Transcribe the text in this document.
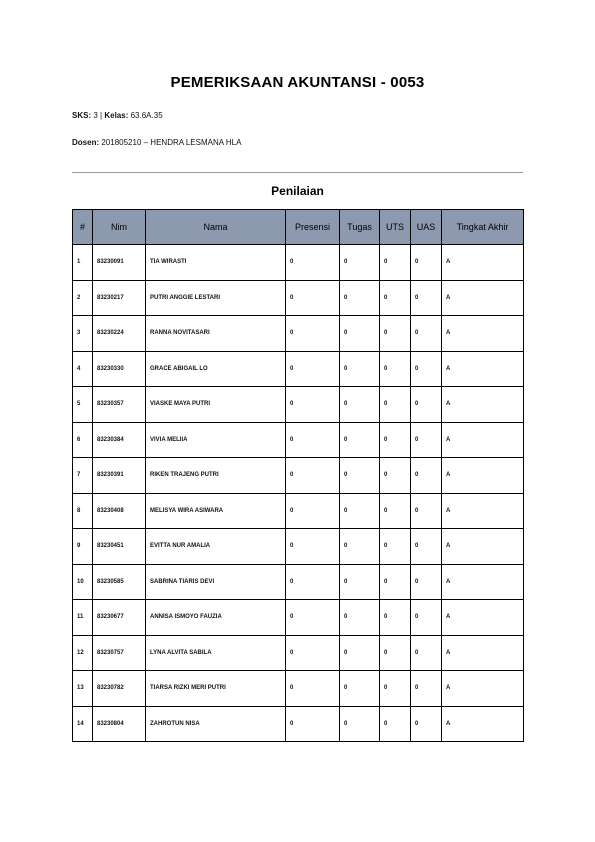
PEMERIKSAAN AKUNTANSI - 0053
SKS: 3 | Kelas: 63.6A.35
Dosen: 201805210 – HENDRA LESMANA HLA
Penilaian
#	Nim	Nama	Presensi	Tugas	UTS	UAS	Tingkat Akhir
1	83230091	TIA WIRASTI	0	0	0	0	A
2	83230217	PUTRI ANGGIE LESTARI	0	0	0	0	A
3	83230224	RANNA NOVITASARI	0	0	0	0	A
4	83230330	GRACE ABIGAIL LO	0	0	0	0	A
5	83230357	VIASKE MAYA PUTRI	0	0	0	0	A
6	83230384	VIVIA MELIIA	0	0	0	0	A
7	83230391	RIKEN TRAJENG PUTRI	0	0	0	0	A
8	83230408	MELISYA WIRA ASIWARA	0	0	0	0	A
9	83230451	EVITTA NUR AMALIA	0	0	0	0	A
10	83230585	SABRINA TIARIS DEVI	0	0	0	0	A
11	83230677	ANNISA ISMOYO FAUZIA	0	0	0	0	A
12	83230757	LYNA ALVITA SABILA	0	0	0	0	A
13	83230782	TIARSA RIZKI MERI PUTRI	0	0	0	0	A
14	83230804	ZAHROTUN NISA	0	0	0	0	A
